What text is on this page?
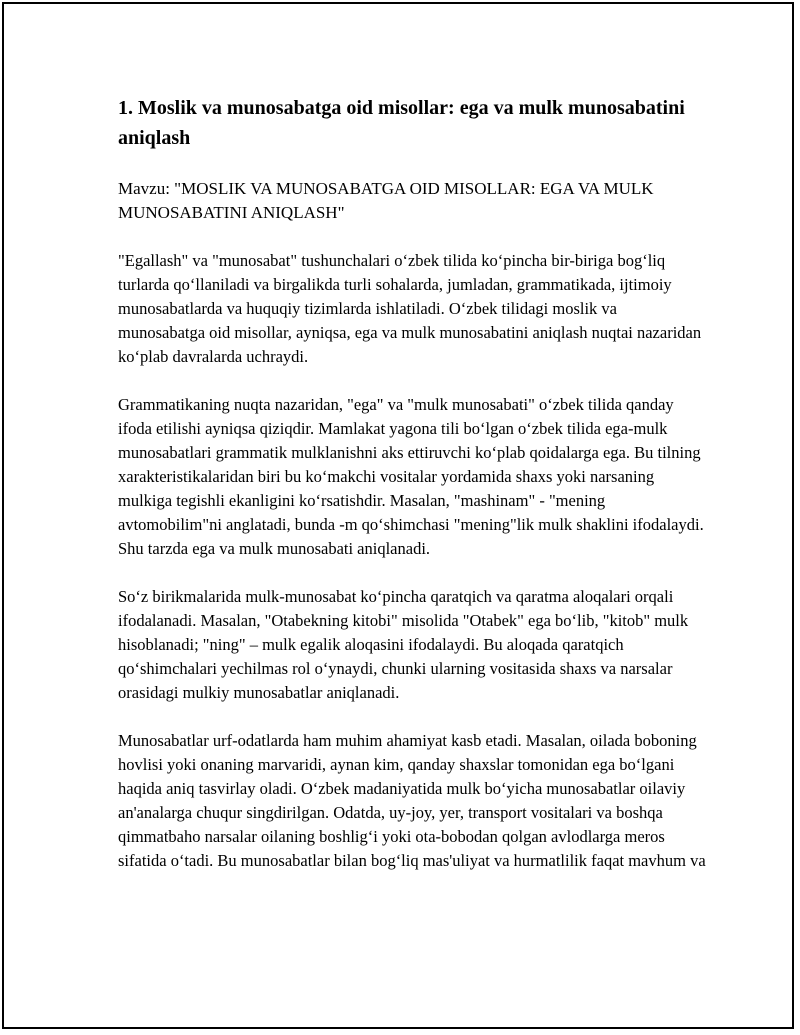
1. Moslik va munosabatga oid misollar: ega va mulk munosabatini aniqlash

Mavzu: "MOSLIK VA MUNOSABATGA OID MISOLLAR: EGA VA MULK MUNOSABATINI ANIQLASH"

"Egallash" va "munosabat" tushunchalari o‘zbek tilida ko‘pincha bir-biriga bog‘liq turlarda qo‘llaniladi va birgalikda turli sohalarda, jumladan, grammatikada, ijtimoiy munosabatlarda va huquqiy tizimlarda ishlatiladi. O‘zbek tilidagi moslik va munosabatga oid misollar, ayniqsa, ega va mulk munosabatini aniqlash nuqtai nazaridan ko‘plab davralarda uchraydi.

Grammatikaning nuqta nazaridan, "ega" va "mulk munosabati" o‘zbek tilida qanday ifoda etilishi ayniqsa qiziqdir. Mamlakat yagona tili bo‘lgan o‘zbek tilida ega-mulk munosabatlari grammatik mulklanishni aks ettiruvchi ko‘plab qoidalarga ega. Bu tilning xarakteristikalaridan biri bu ko‘makchi vositalar yordamida shaxs yoki narsaning mulkiga tegishli ekanligini ko‘rsatishdir. Masalan, "mashinam" - "mening avtomobilim"ni anglatadi, bunda -m qo‘shimchasi "mening"lik mulk shaklini ifodalaydi. Shu tarzda ega va mulk munosabati aniqlanadi.

So‘z birikmalarida mulk-munosabat ko‘pincha qaratqich va qaratma aloqalari orqali ifodalanadi. Masalan, "Otabekning kitobi" misolida "Otabek" ega bo‘lib, "kitob" mulk hisoblanadi; "ning" – mulk egalik aloqasini ifodalaydi. Bu aloqada qaratqich qo‘shimchalari yechilmas rol o‘ynaydi, chunki ularning vositasida shaxs va narsalar orasidagi mulkiy munosabatlar aniqlanadi.

Munosabatlar urf-odatlarda ham muhim ahamiyat kasb etadi. Masalan, oilada boboning hovlisi yoki onaning marvaridi, aynan kim, qanday shaxslar tomonidan ega bo‘lgani haqida aniq tasvirlay oladi. O‘zbek madaniyatida mulk bo‘yicha munosabatlar oilaviy an'analarga chuqur singdirilgan. Odatda, uy-joy, yer, transport vositalari va boshqa qimmatbaho narsalar oilaning boshlig‘i yoki ota-bobodan qolgan avlodlarga meros sifatida o‘tadi. Bu munosabatlar bilan bog‘liq mas'uliyat va hurmatlilik faqat mavhum va
